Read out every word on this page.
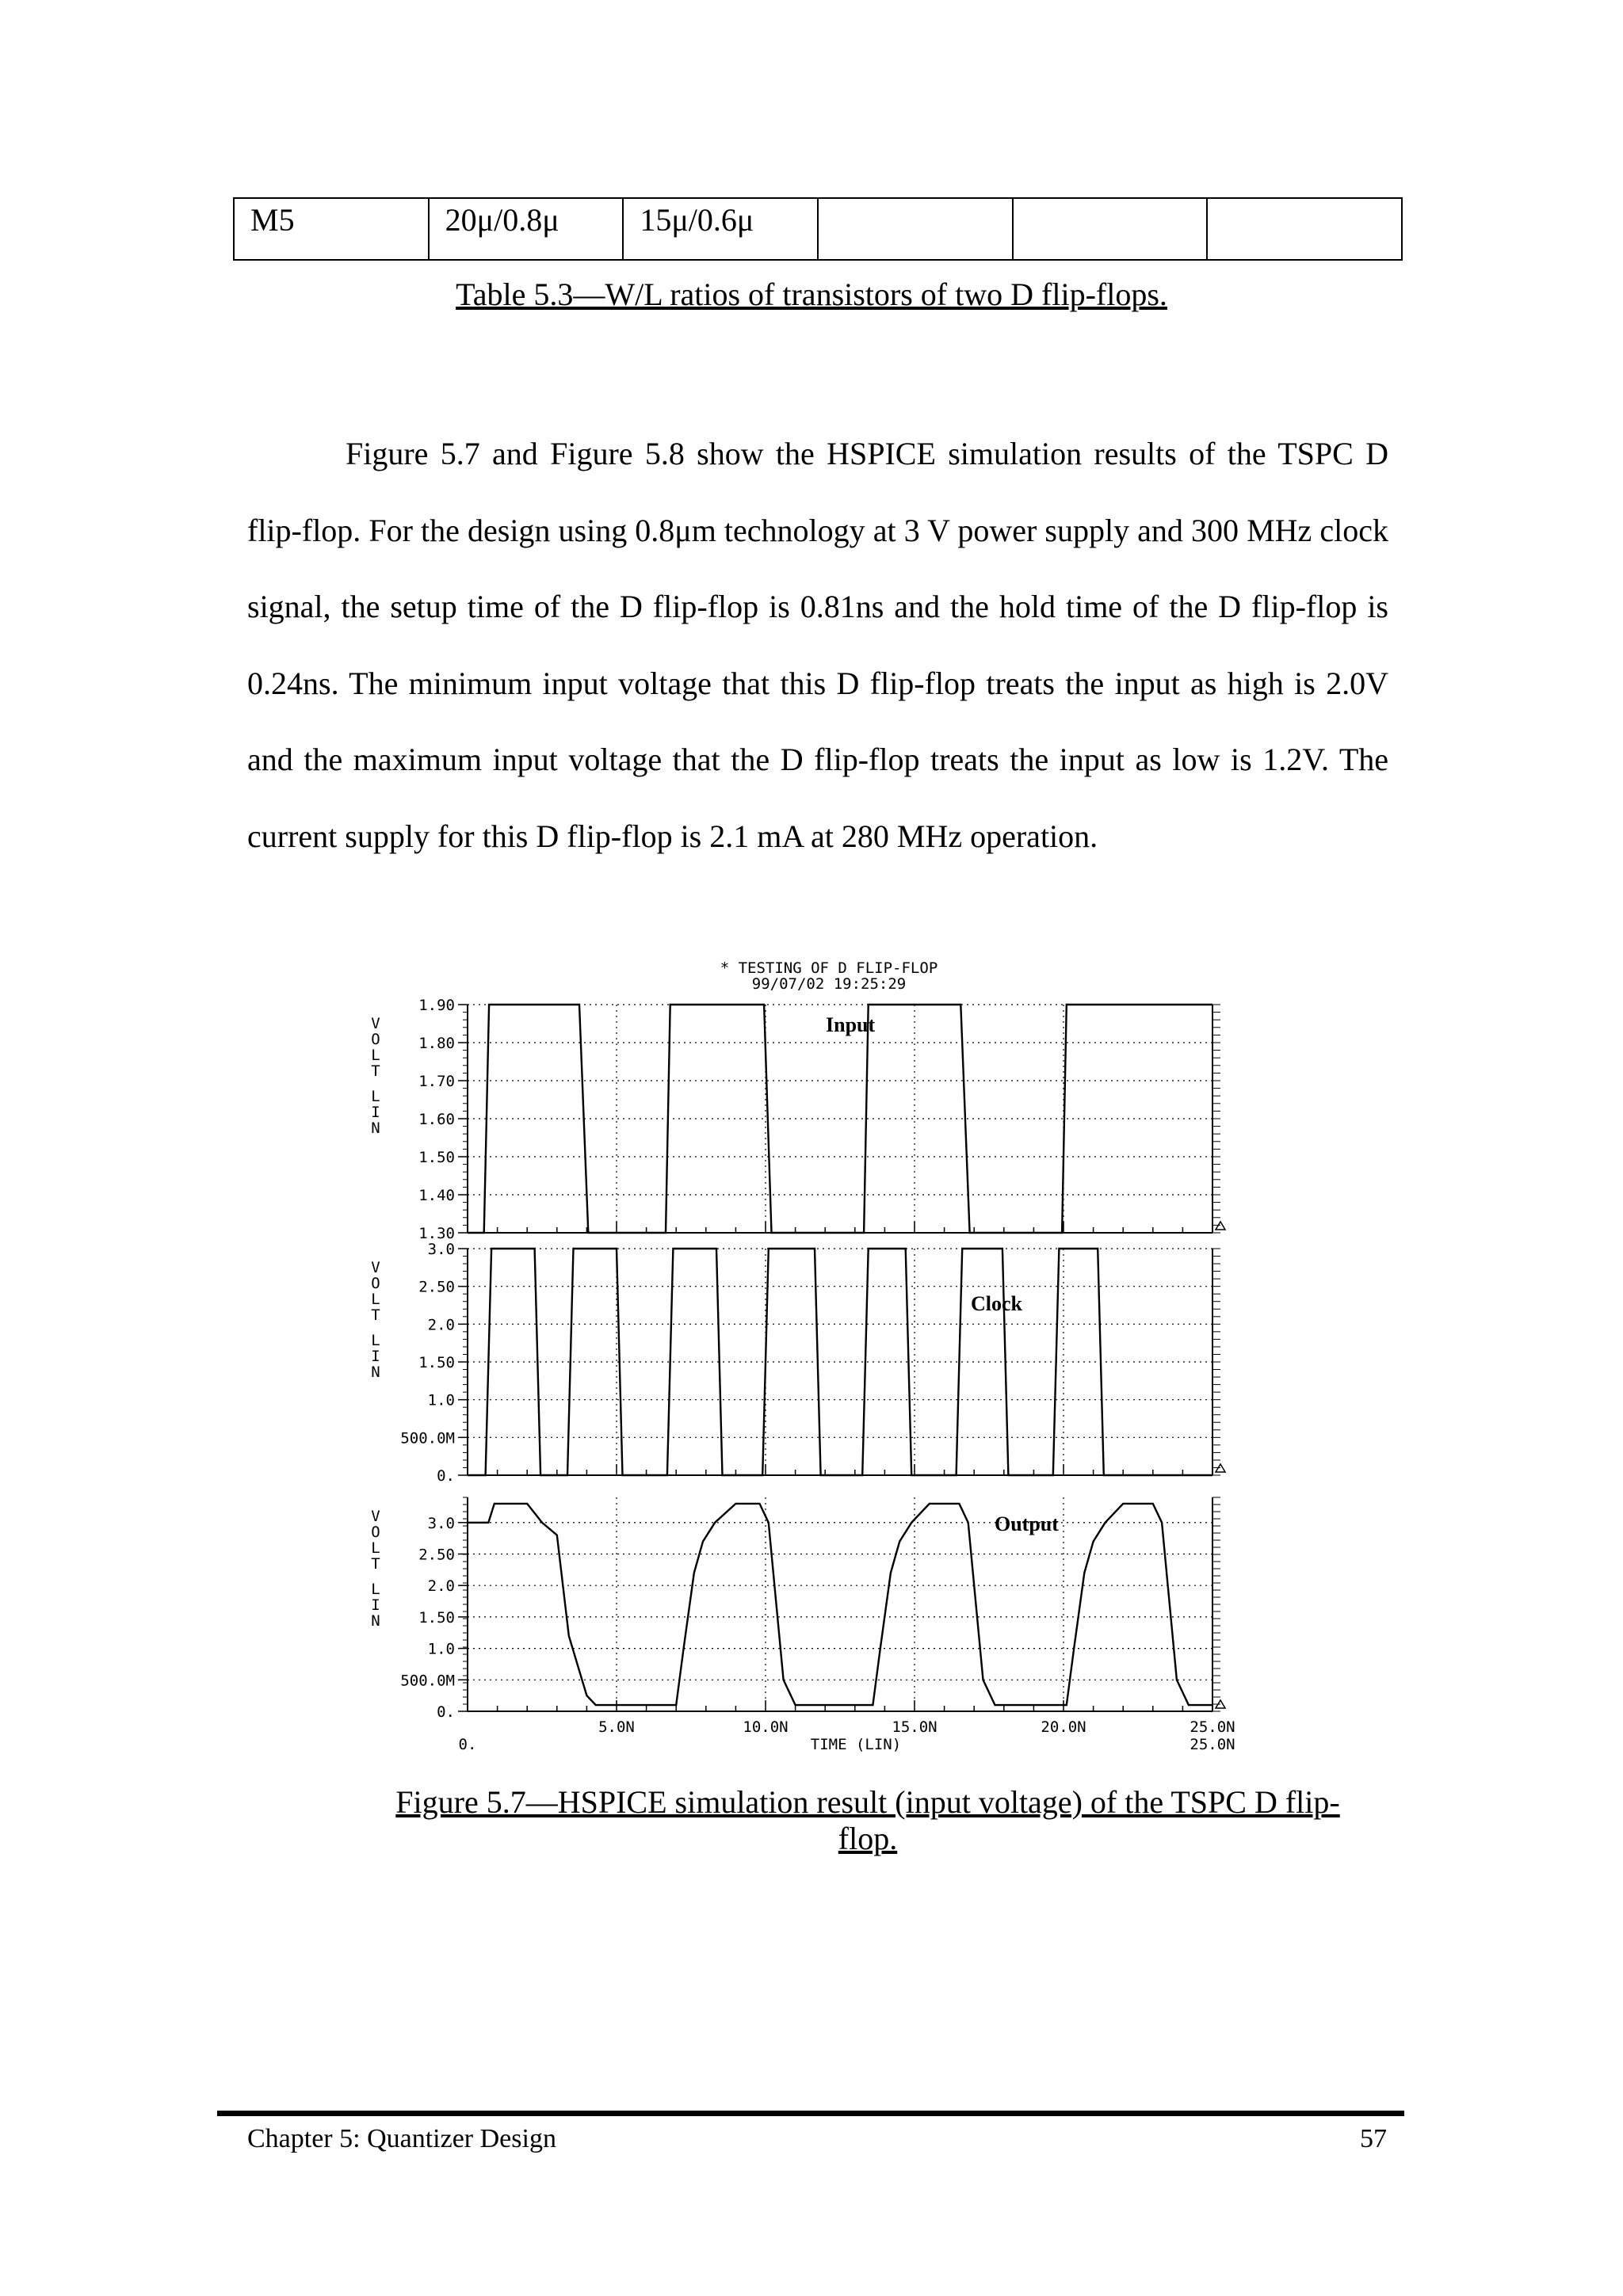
M5	20μ/0.8μ	15μ/0.6μ			
Table 5.3—W/L ratios of transistors of two D flip-flops.

Figure 5.7 and Figure 5.8 show the HSPICE simulation results of the TSPC D flip-flop. For the design using 0.8μm technology at 3 V power supply and 300 MHz clock signal, the setup time of the D flip-flop is 0.81ns and the hold time of the D flip-flop is 0.24ns. The minimum input voltage that this D flip-flop treats the input as high is 2.0V and the maximum input voltage that the D flip-flop treats the input as low is 1.2V. The current supply for this D flip-flop is 2.1 mA at 280 MHz operation.

* TESTING OF D FLIP-FLOP
99/07/02 19:25:29
1.90
1.80
1.70
1.60
1.50
1.40
1.30
V
O
L
T
L
I
N
Input
3.0
2.50
2.0
1.50
1.0
500.0M
0.
V
O
L
T
L
I
N
Clock
3.0
2.50
2.0
1.50
1.0
500.0M
0.
V
O
L
T
L
I
N
Output
0.
5.0N	10.0N	15.0N	20.0N	25.0N
25.0N
TIME (LIN)
Figure 5.7—HSPICE simulation result (input voltage) of the TSPC D flip-flop.
Chapter 5: Quantizer Design	57
